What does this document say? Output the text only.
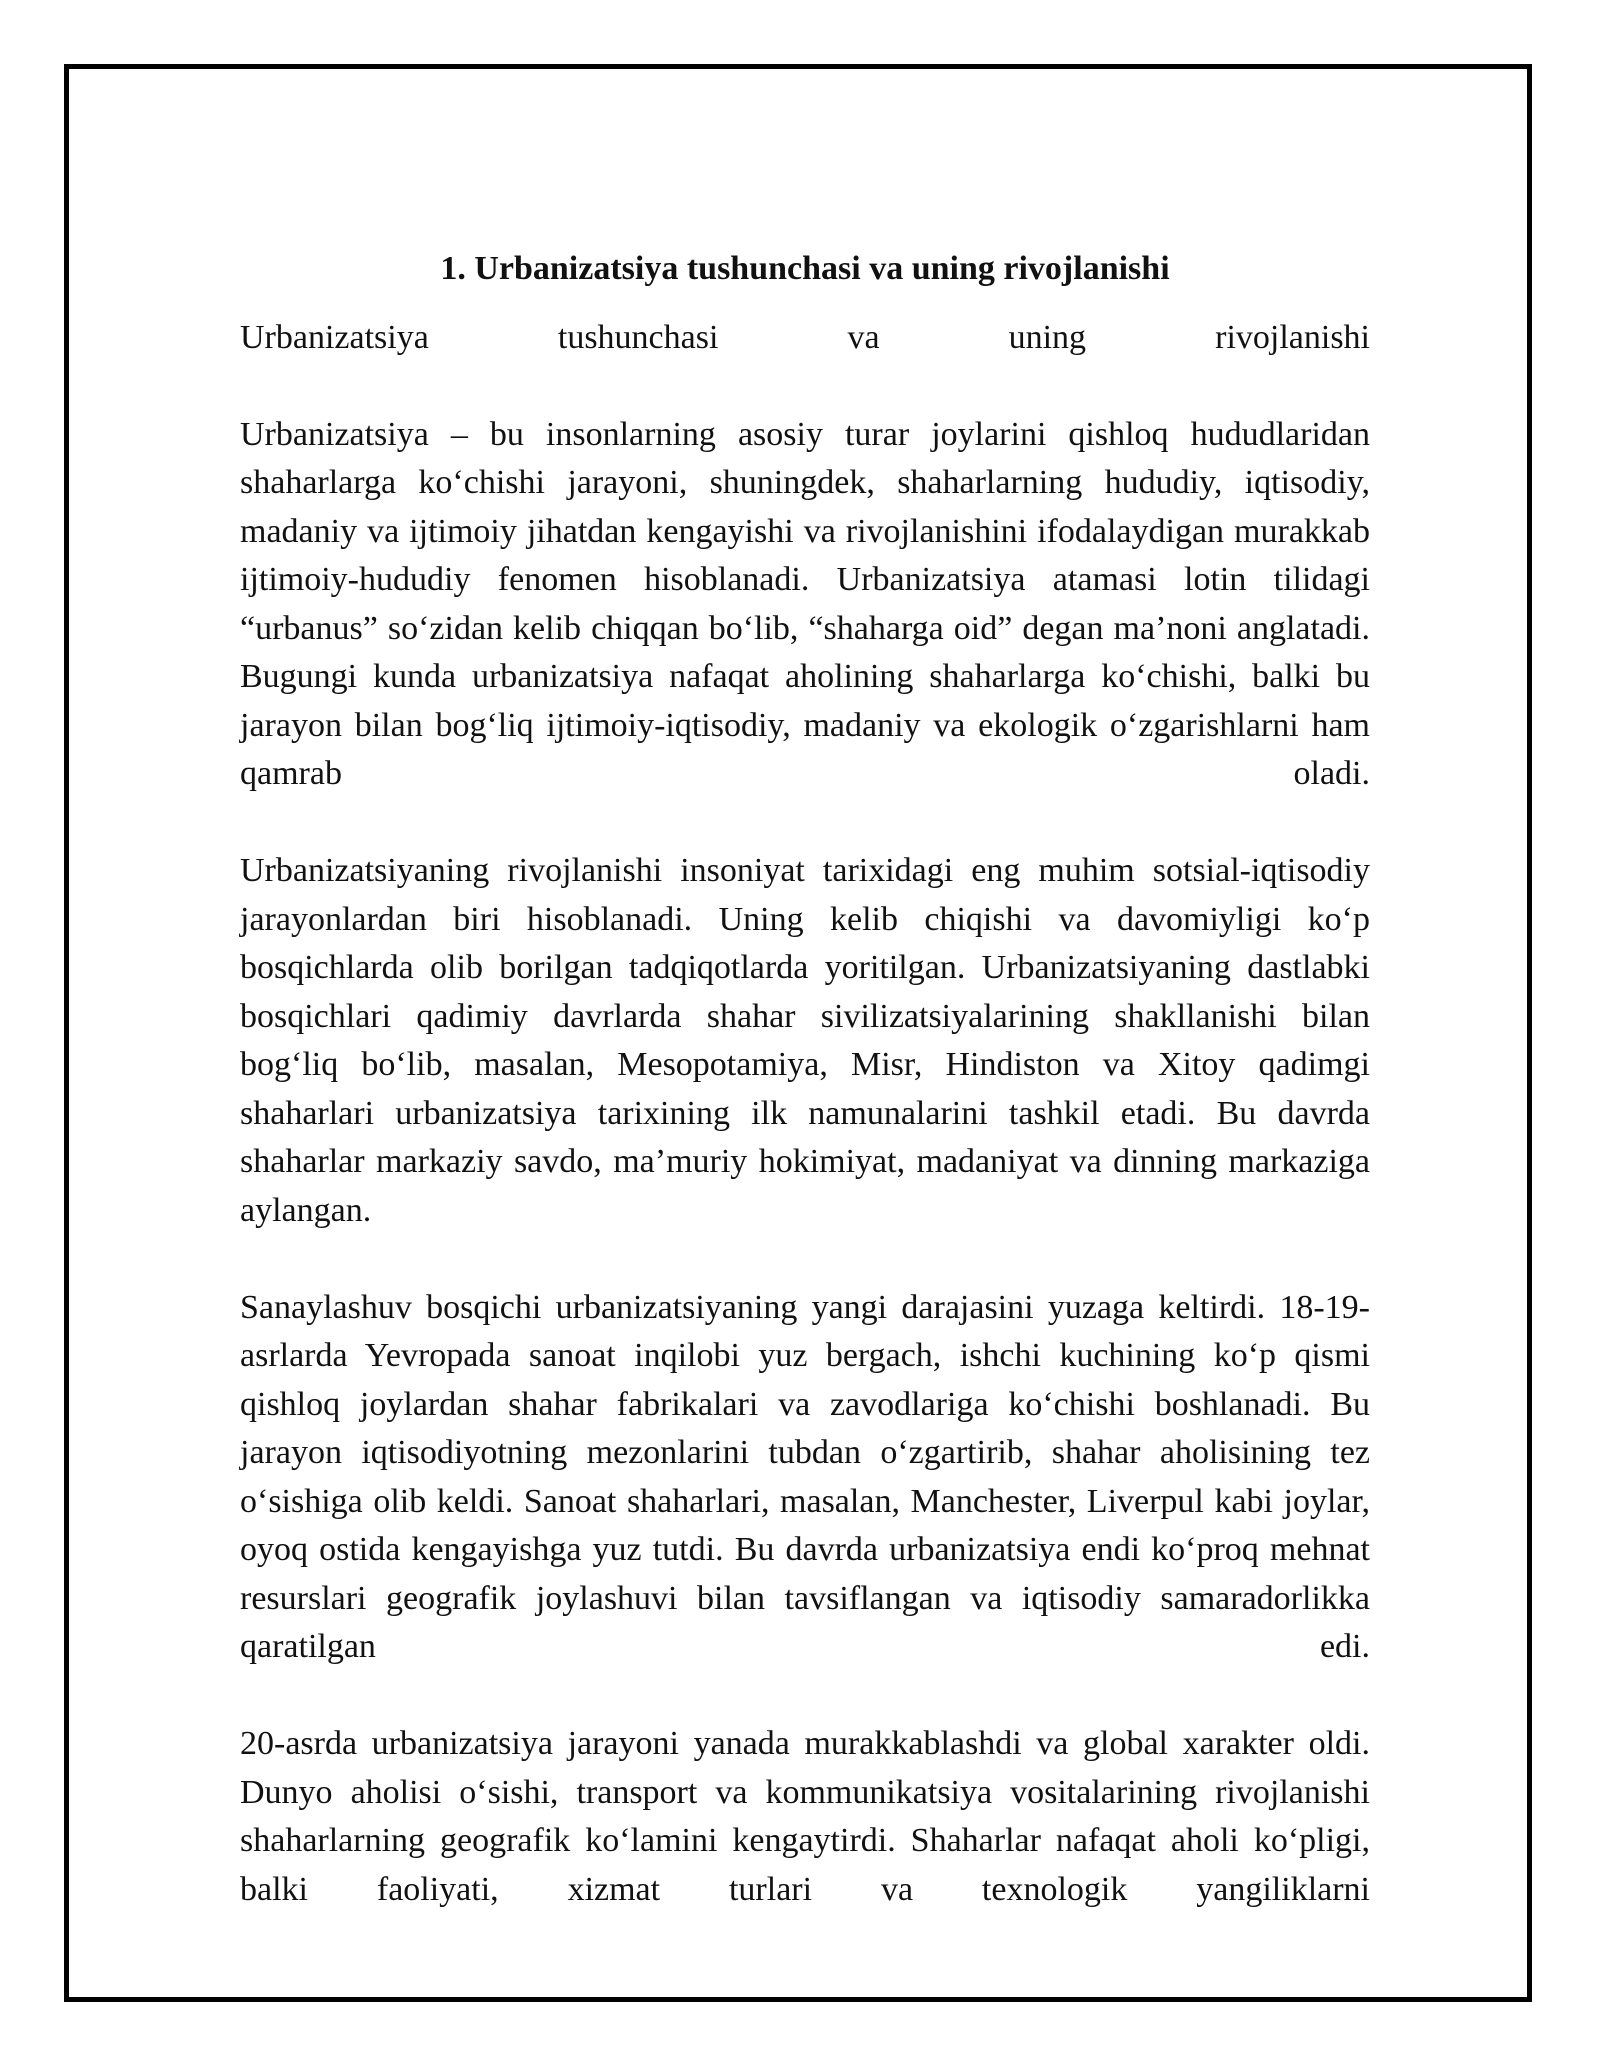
1. Urbanizatsiya tushunchasi va uning rivojlanishi

Urbanizatsiya tushunchasi va uning rivojlanishi

Urbanizatsiya – bu insonlarning asosiy turar joylarini qishloq hududlaridan shaharlarga ko‘chishi jarayoni, shuningdek, shaharlarning hududiy, iqtisodiy, madaniy va ijtimoiy jihatdan kengayishi va rivojlanishini ifodalaydigan murakkab ijtimoiy-hududiy fenomen hisoblanadi. Urbanizatsiya atamasi lotin tilidagi “urbanus” so‘zidan kelib chiqqan bo‘lib, “shaharga oid” degan ma’noni anglatadi. Bugungi kunda urbanizatsiya nafaqat aholining shaharlarga ko‘chishi, balki bu jarayon bilan bog‘liq ijtimoiy-iqtisodiy, madaniy va ekologik o‘zgarishlarni ham qamrab oladi.

Urbanizatsiyaning rivojlanishi insoniyat tarixidagi eng muhim sotsial-iqtisodiy jarayonlardan biri hisoblanadi. Uning kelib chiqishi va davomiyligi ko‘p bosqichlarda olib borilgan tadqiqotlarda yoritilgan. Urbanizatsiyaning dastlabki bosqichlari qadimiy davrlarda shahar sivilizatsiyalarining shakllanishi bilan bog‘liq bo‘lib, masalan, Mesopotamiya, Misr, Hindiston va Xitoy qadimgi shaharlari urbanizatsiya tarixining ilk namunalarini tashkil etadi. Bu davrda shaharlar markaziy savdo, ma’muriy hokimiyat, madaniyat va dinning markaziga aylangan.

Sanaylashuv bosqichi urbanizatsiyaning yangi darajasini yuzaga keltirdi. 18-19-asrlarda Yevropada sanoat inqilobi yuz bergach, ishchi kuchining ko‘p qismi qishloq joylardan shahar fabrikalari va zavodlariga ko‘chishi boshlanadi. Bu jarayon iqtisodiyotning mezonlarini tubdan o‘zgartirib, shahar aholisining tez o‘sishiga olib keldi. Sanoat shaharlari, masalan, Manchester, Liverpul kabi joylar, oyoq ostida kengayishga yuz tutdi. Bu davrda urbanizatsiya endi ko‘proq mehnat resurslari geografik joylashuvi bilan tavsiflangan va iqtisodiy samaradorlikka qaratilgan edi.

20-asrda urbanizatsiya jarayoni yanada murakkablashdi va global xarakter oldi. Dunyo aholisi o‘sishi, transport va kommunikatsiya vositalarining rivojlanishi shaharlarning geografik ko‘lamini kengaytirdi. Shaharlar nafaqat aholi ko‘pligi, balki faoliyati, xizmat turlari va texnologik yangiliklarni
